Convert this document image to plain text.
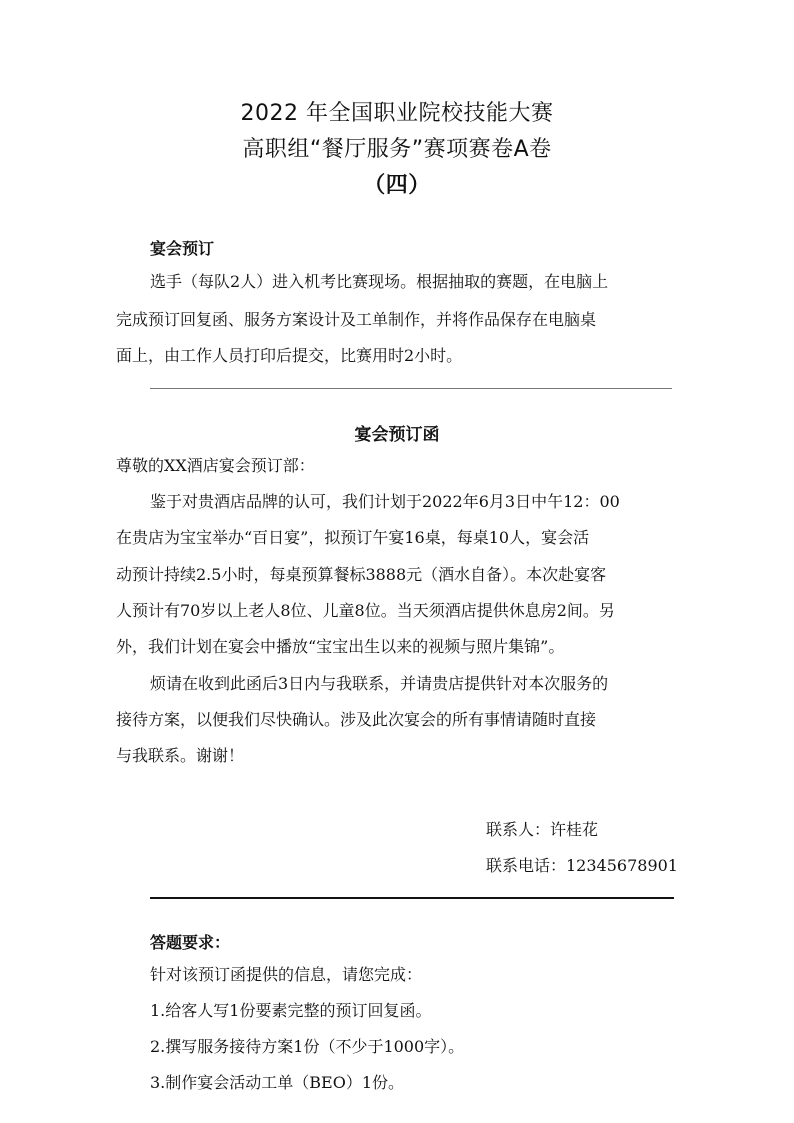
2022 年全国职业院校技能大赛
高职组“餐厅服务”赛项赛卷A卷
（四）
宴会预订
选手（每队2人）进入机考比赛现场。根据抽取的赛题，在电脑上
完成预订回复函、服务方案设计及工单制作，并将作品保存在电脑桌
面上，由工作人员打印后提交，比赛用时2小时。
宴会预订函
尊敬的XX酒店宴会预订部：
鉴于对贵酒店品牌的认可，我们计划于2022年6月3日中午12：00
在贵店为宝宝举办“百日宴”，拟预订午宴16桌，每桌10人，宴会活
动预计持续2.5小时，每桌预算餐标3888元（酒水自备）。本次赴宴客
人预计有70岁以上老人8位、儿童8位。当天须酒店提供休息房2间。另
外，我们计划在宴会中播放“宝宝出生以来的视频与照片集锦”。
烦请在收到此函后3日内与我联系，并请贵店提供针对本次服务的
接待方案，以便我们尽快确认。涉及此次宴会的所有事情请随时直接
与我联系。谢谢！
联系人：许桂花
联系电话：12345678901
答题要求：
针对该预订函提供的信息，请您完成：
1.给客人写1份要素完整的预订回复函。
2.撰写服务接待方案1份（不少于1000字）。
3.制作宴会活动工单（BEO）1份。
